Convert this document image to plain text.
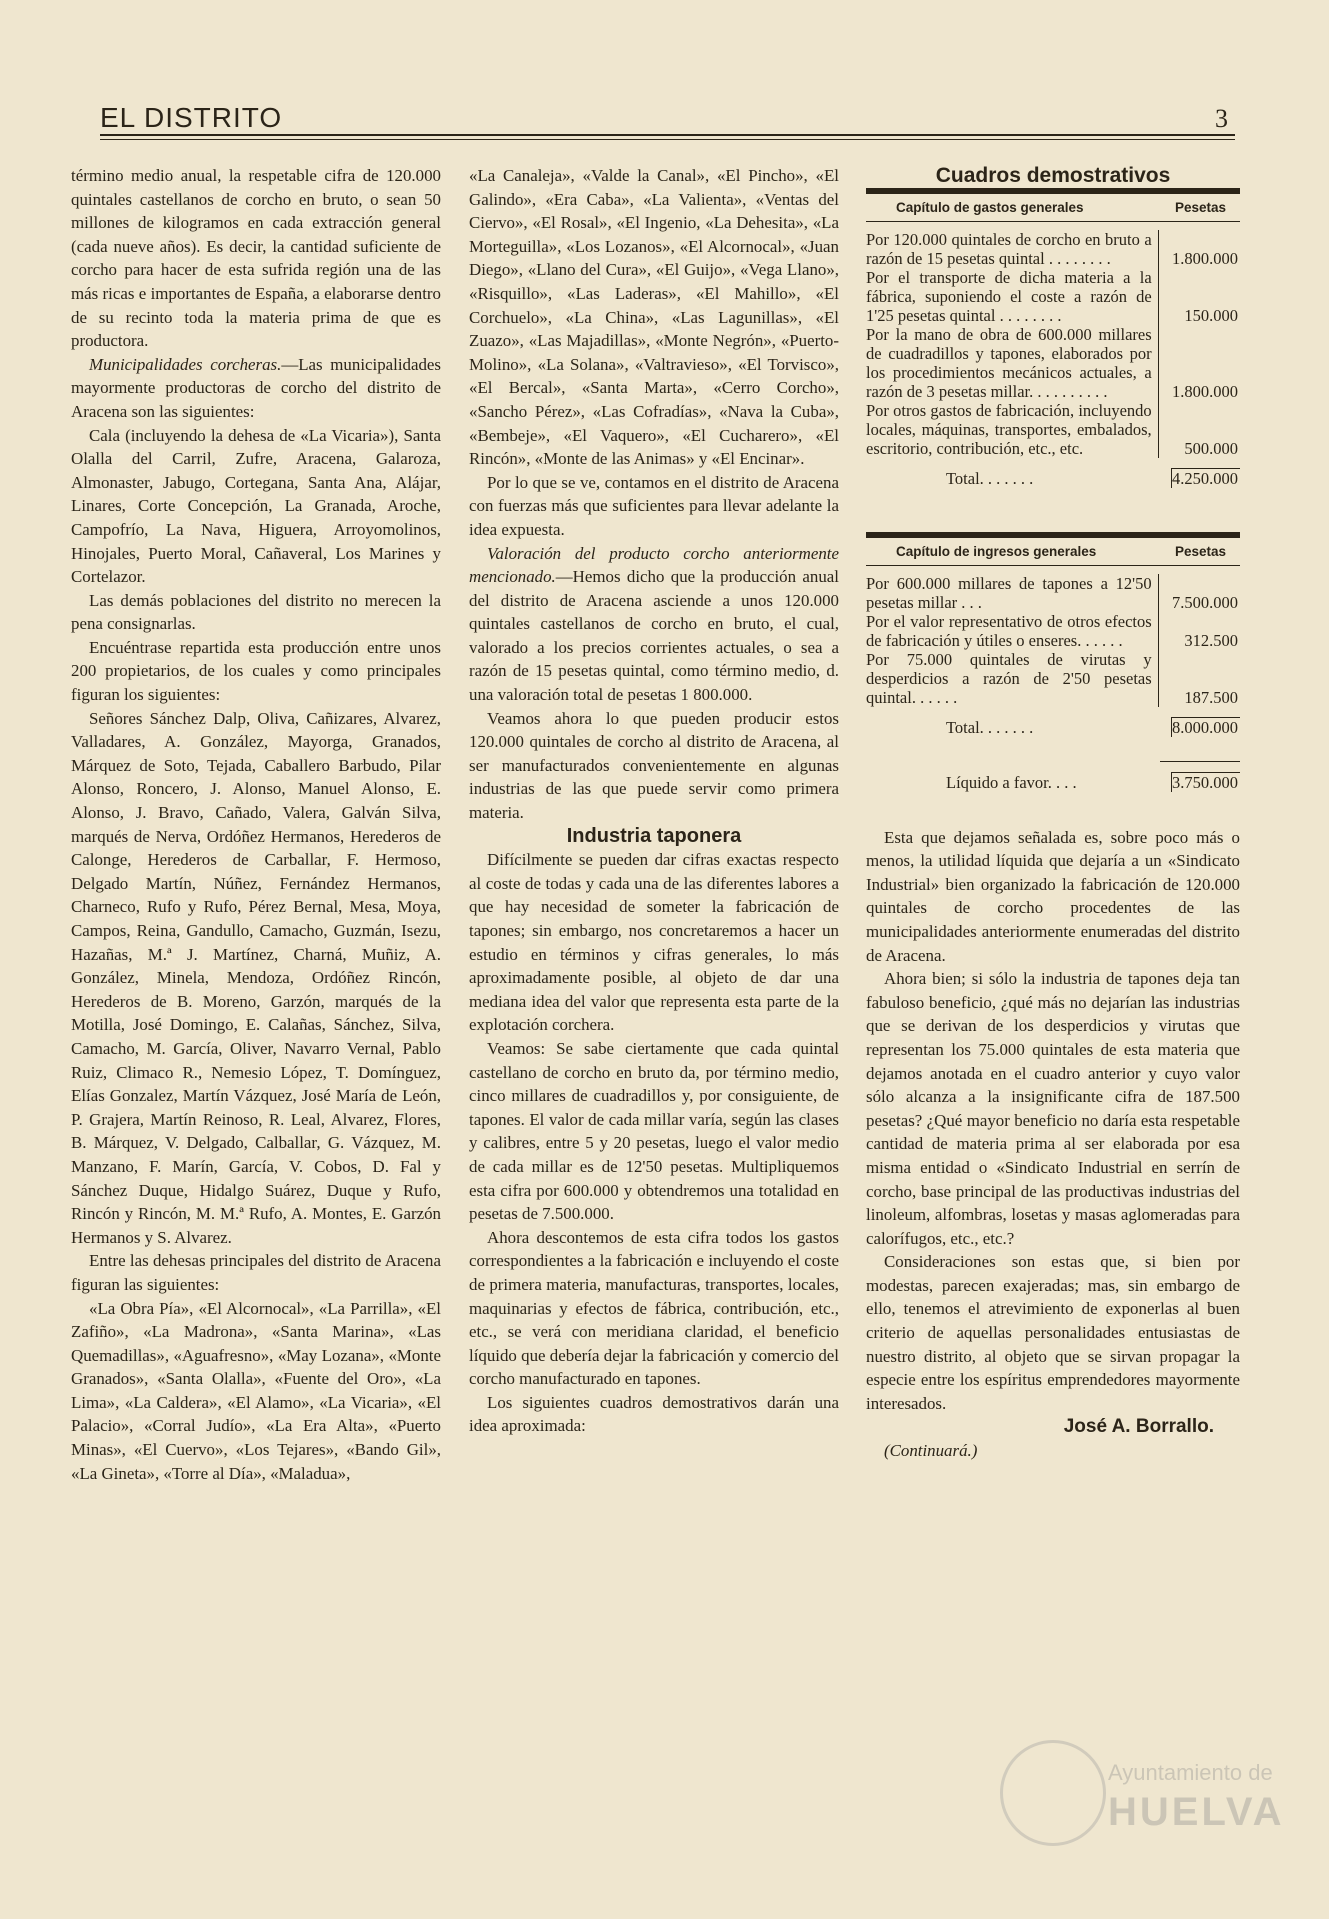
EL DISTRITO	3

término medio anual, la respetable cifra de 120.000 quintales castellanos de corcho en bruto, o sean 50 millones de kilogramos en cada extracción general (cada nueve años). Es decir, la cantidad suficiente de corcho para hacer de esta sufrida región una de las más ricas e importantes de España, a elaborarse dentro de su recinto toda la materia prima de que es productora.

Municipalidades corcheras.—Las municipalidades mayormente productoras de corcho del distrito de Aracena son las siguientes:

Cala (incluyendo la dehesa de «La Vicaria»), Santa Olalla del Carril, Zufre, Aracena, Galaroza, Almonaster, Jabugo, Cortegana, Santa Ana, Alájar, Linares, Corte Concepción, La Granada, Aroche, Campofrío, La Nava, Higuera, Arroyomolinos, Hinojales, Puerto Moral, Cañaveral, Los Marines y Cortelazor.

Las demás poblaciones del distrito no merecen la pena consignarlas.

Encuéntrase repartida esta producción entre unos 200 propietarios, de los cuales y como principales figuran los siguientes:

Señores Sánchez Dalp, Oliva, Cañizares, Alvarez, Valladares, A. González, Mayorga, Granados, Márquez de Soto, Tejada, Caballero Barbudo, Pilar Alonso, Roncero, J. Alonso, Manuel Alonso, E. Alonso, J. Bravo, Cañado, Valera, Galván Silva, marqués de Nerva, Ordóñez Hermanos, Herederos de Calonge, Herederos de Carballar, F. Hermoso, Delgado Martín, Núñez, Fernández Hermanos, Charneco, Rufo y Rufo, Pérez Bernal, Mesa, Moya, Campos, Reina, Gandullo, Camacho, Guzmán, Isezu, Hazañas, M.ª J. Martínez, Charná, Muñiz, A. González, Minela, Mendoza, Ordóñez Rincón, Herederos de B. Moreno, Garzón, marqués de la Motilla, José Domingo, E. Calañas, Sánchez, Silva, Camacho, M. García, Oliver, Navarro Vernal, Pablo Ruiz, Climaco R., Nemesio López, T. Domínguez, Elías Gonzalez, Martín Vázquez, José María de León, P. Grajera, Martín Reinoso, R. Leal, Alvarez, Flores, B. Márquez, V. Delgado, Calballar, G. Vázquez, M. Manzano, F. Marín, García, V. Cobos, D. Fal y Sánchez Duque, Hidalgo Suárez, Duque y Rufo, Rincón y Rincón, M. M.ª Rufo, A. Montes, E. Garzón Hermanos y S. Alvarez.

Entre las dehesas principales del distrito de Aracena figuran las siguientes:

«La Obra Pía», «El Alcornocal», «La Parrilla», «El Zafiño», «La Madrona», «Santa Marina», «Las Quemadillas», «Aguafresno», «May Lozana», «Monte Granados», «Santa Olalla», «Fuente del Oro», «La Lima», «La Caldera», «El Alamo», «La Vicaria», «El Palacio», «Corral Judío», «La Era Alta», «Puerto Minas», «El Cuervo», «Los Tejares», «Bando Gil», «La Gineta», «Torre al Día», «Maladua»,

«La Canaleja», «Valde la Canal», «El Pincho», «El Galindo», «Era Caba», «La Valienta», «Ventas del Ciervo», «El Rosal», «El Ingenio, «La Dehesita», «La Morteguilla», «Los Lozanos», «El Alcornocal», «Juan Diego», «Llano del Cura», «El Guijo», «Vega Llano», «Risquillo», «Las Laderas», «El Mahillo», «El Corchuelo», «La China», «Las Lagunillas», «El Zuazo», «Las Majadillas», «Monte Negrón», «Puerto-Molino», «La Solana», «Valtravieso», «El Torvisco», «El Bercal», «Santa Marta», «Cerro Corcho», «Sancho Pérez», «Las Cofradías», «Nava la Cuba», «Bembeje», «El Vaquero», «El Cucharero», «El Rincón», «Monte de las Animas» y «El Encinar».

Por lo que se ve, contamos en el distrito de Aracena con fuerzas más que suficientes para llevar adelante la idea expuesta.

Valoración del producto corcho anteriormente mencionado.—Hemos dicho que la producción anual del distrito de Aracena asciende a unos 120.000 quintales castellanos de corcho en bruto, el cual, valorado a los precios corrientes actuales, o sea a razón de 15 pesetas quintal, como término medio, d. una valoración total de pesetas 1 800.000.

Veamos ahora lo que pueden producir estos 120.000 quintales de corcho al distrito de Aracena, al ser manufacturados convenientemente en algunas industrias de las que puede servir como primera materia.

Industria taponera

Difícilmente se pueden dar cifras exactas respecto al coste de todas y cada una de las diferentes labores a que hay necesidad de someter la fabricación de tapones; sin embargo, nos concretaremos a hacer un estudio en términos y cifras generales, lo más aproximadamente posible, al objeto de dar una mediana idea del valor que representa esta parte de la explotación corchera.

Veamos: Se sabe ciertamente que cada quintal castellano de corcho en bruto da, por término medio, cinco millares de cuadradillos y, por consiguiente, de tapones. El valor de cada millar varía, según las clases y calibres, entre 5 y 20 pesetas, luego el valor medio de cada millar es de 12'50 pesetas. Multipliquemos esta cifra por 600.000 y obtendremos una totalidad en pesetas de 7.500.000.

Ahora descontemos de esta cifra todos los gastos correspondientes a la fabricación e incluyendo el coste de primera materia, manufacturas, transportes, locales, maquinarias y efectos de fábrica, contribución, etc., etc., se verá con meridiana claridad, el beneficio líquido que debería dejar la fabricación y comercio del corcho manufacturado en tapones.

Los siguientes cuadros demostrativos darán una idea aproximada:

Cuadros demostrativos

Capítulo de gastos generales	Pesetas
Por 120.000 quintales de corcho en bruto a razón de 15 pesetas quintal . . . . . . . .	1.800.000
Por el transporte de dicha materia a la fábrica, suponiendo el coste a razón de 1'25 pesetas quintal . . . . . . . .	150.000
Por la mano de obra de 600.000 millares de cuadradillos y tapones, elaborados por los procedimientos mecánicos actuales, a razón de 3 pesetas millar. . . . . . . . . .	1.800.000
Por otros gastos de fabricación, incluyendo locales, máquinas, transportes, embalados, escritorio, contribución, etc., etc.	500.000
Total. . . . . . .	4.250.000
Capítulo de ingresos generales	Pesetas
Por 600.000 millares de tapones a 12'50 pesetas millar . . .	7.500.000
Por el valor representativo de otros efectos de fabricación y útiles o enseres. . . . . .	312.500
Por 75.000 quintales de virutas y desperdicios a razón de 2'50 pesetas quintal. . . . . .	187.500
Total. . . . . . .	8.000.000
Líquido a favor. . . .	3.750.000

Esta que dejamos señalada es, sobre poco más o menos, la utilidad líquida que dejaría a un «Sindicato Industrial» bien organizado la fabricación de 120.000 quintales de corcho procedentes de las municipalidades anteriormente enumeradas del distrito de Aracena.

Ahora bien; si sólo la industria de tapones deja tan fabuloso beneficio, ¿qué más no dejarían las industrias que se derivan de los desperdicios y virutas que representan los 75.000 quintales de esta materia que dejamos anotada en el cuadro anterior y cuyo valor sólo alcanza a la insignificante cifra de 187.500 pesetas? ¿Qué mayor beneficio no daría esta respetable cantidad de materia prima al ser elaborada por esa misma entidad o «Sindicato Industrial en serrín de corcho, base principal de las productivas industrias del linoleum, alfombras, losetas y masas aglomeradas para calorífugos, etc., etc.?

Consideraciones son estas que, si bien por modestas, parecen exajeradas; mas, sin embargo de ello, tenemos el atrevimiento de exponerlas al buen criterio de aquellas personalidades entusiastas de nuestro distrito, al objeto que se sirvan propagar la especie entre los espíritus emprendedores mayormente interesados.

José A. Borrallo.

(Continuará.)

Ayuntamiento de
HUELVA
